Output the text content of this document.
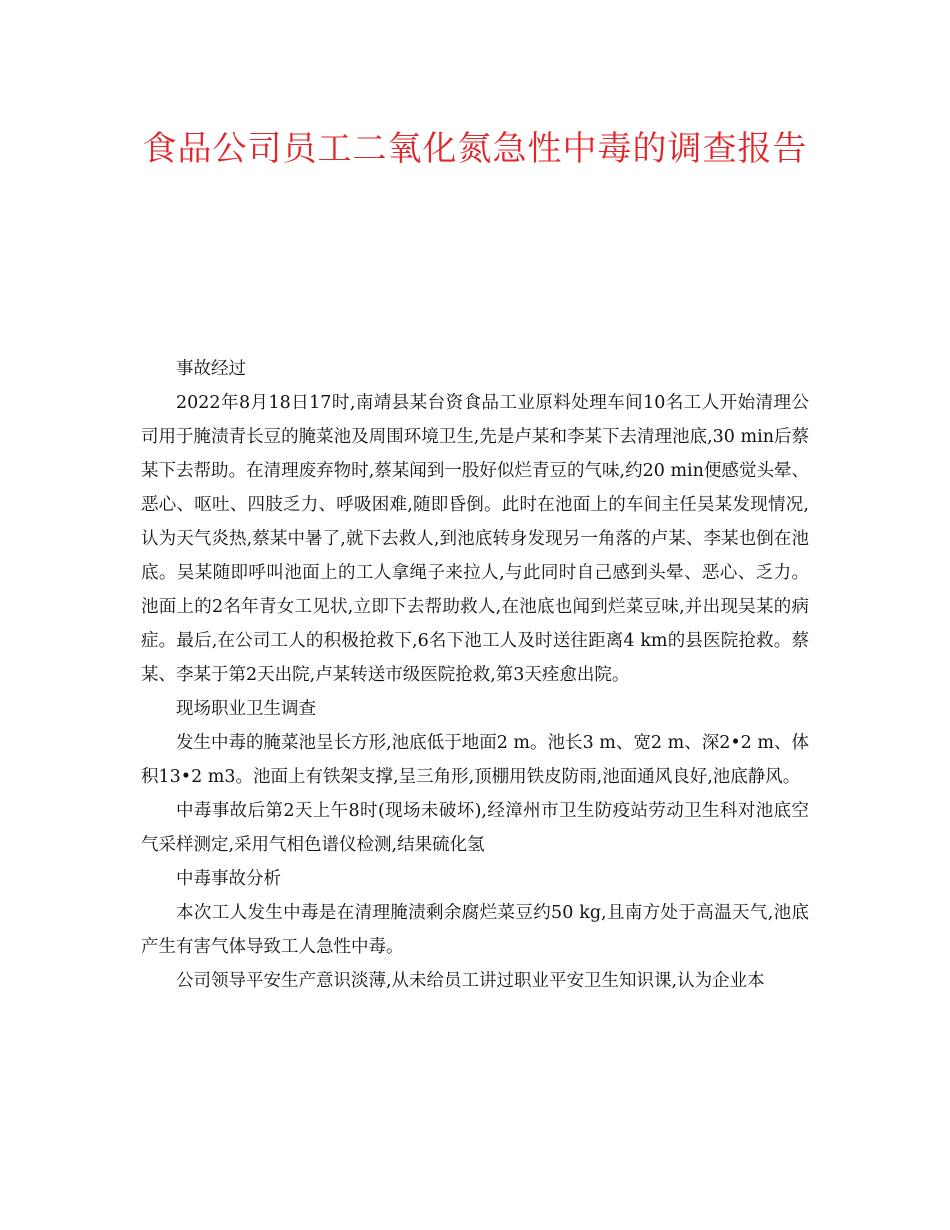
食品公司员工二氧化氮急性中毒的调查报告

事故经过

2022年8月18日17时,南靖县某台资食品工业原料处理车间10名工人开始清理公司用于腌渍青长豆的腌菜池及周围环境卫生,先是卢某和李某下去清理池底,30 min后蔡某下去帮助。在清理废弃物时,蔡某闻到一股好似烂青豆的气味,约20 min便感觉头晕、恶心、呕吐、四肢乏力、呼吸困难,随即昏倒。此时在池面上的车间主任吴某发现情况,认为天气炎热,蔡某中暑了,就下去救人,到池底转身发现另一角落的卢某、李某也倒在池底。吴某随即呼叫池面上的工人拿绳子来拉人,与此同时自己感到头晕、恶心、乏力。池面上的2名年青女工见状,立即下去帮助救人,在池底也闻到烂菜豆味,并出现吴某的病症。最后,在公司工人的积极抢救下,6名下池工人及时送往距离4 km的县医院抢救。蔡某、李某于第2天出院,卢某转送市级医院抢救,第3天痊愈出院。

现场职业卫生调查

发生中毒的腌菜池呈长方形,池底低于地面2 m。池长3 m、宽2 m、深2•2 m、体积13•2 m3。池面上有铁架支撑,呈三角形,顶棚用铁皮防雨,池面通风良好,池底静风。

中毒事故后第2天上午8时(现场未破坏),经漳州市卫生防疫站劳动卫生科对池底空气采样测定,采用气相色谱仪检测,结果硫化氢

中毒事故分析

本次工人发生中毒是在清理腌渍剩余腐烂菜豆约50 kg,且南方处于高温天气,池底产生有害气体导致工人急性中毒。

公司领导平安生产意识淡薄,从未给员工讲过职业平安卫生知识课,认为企业本
